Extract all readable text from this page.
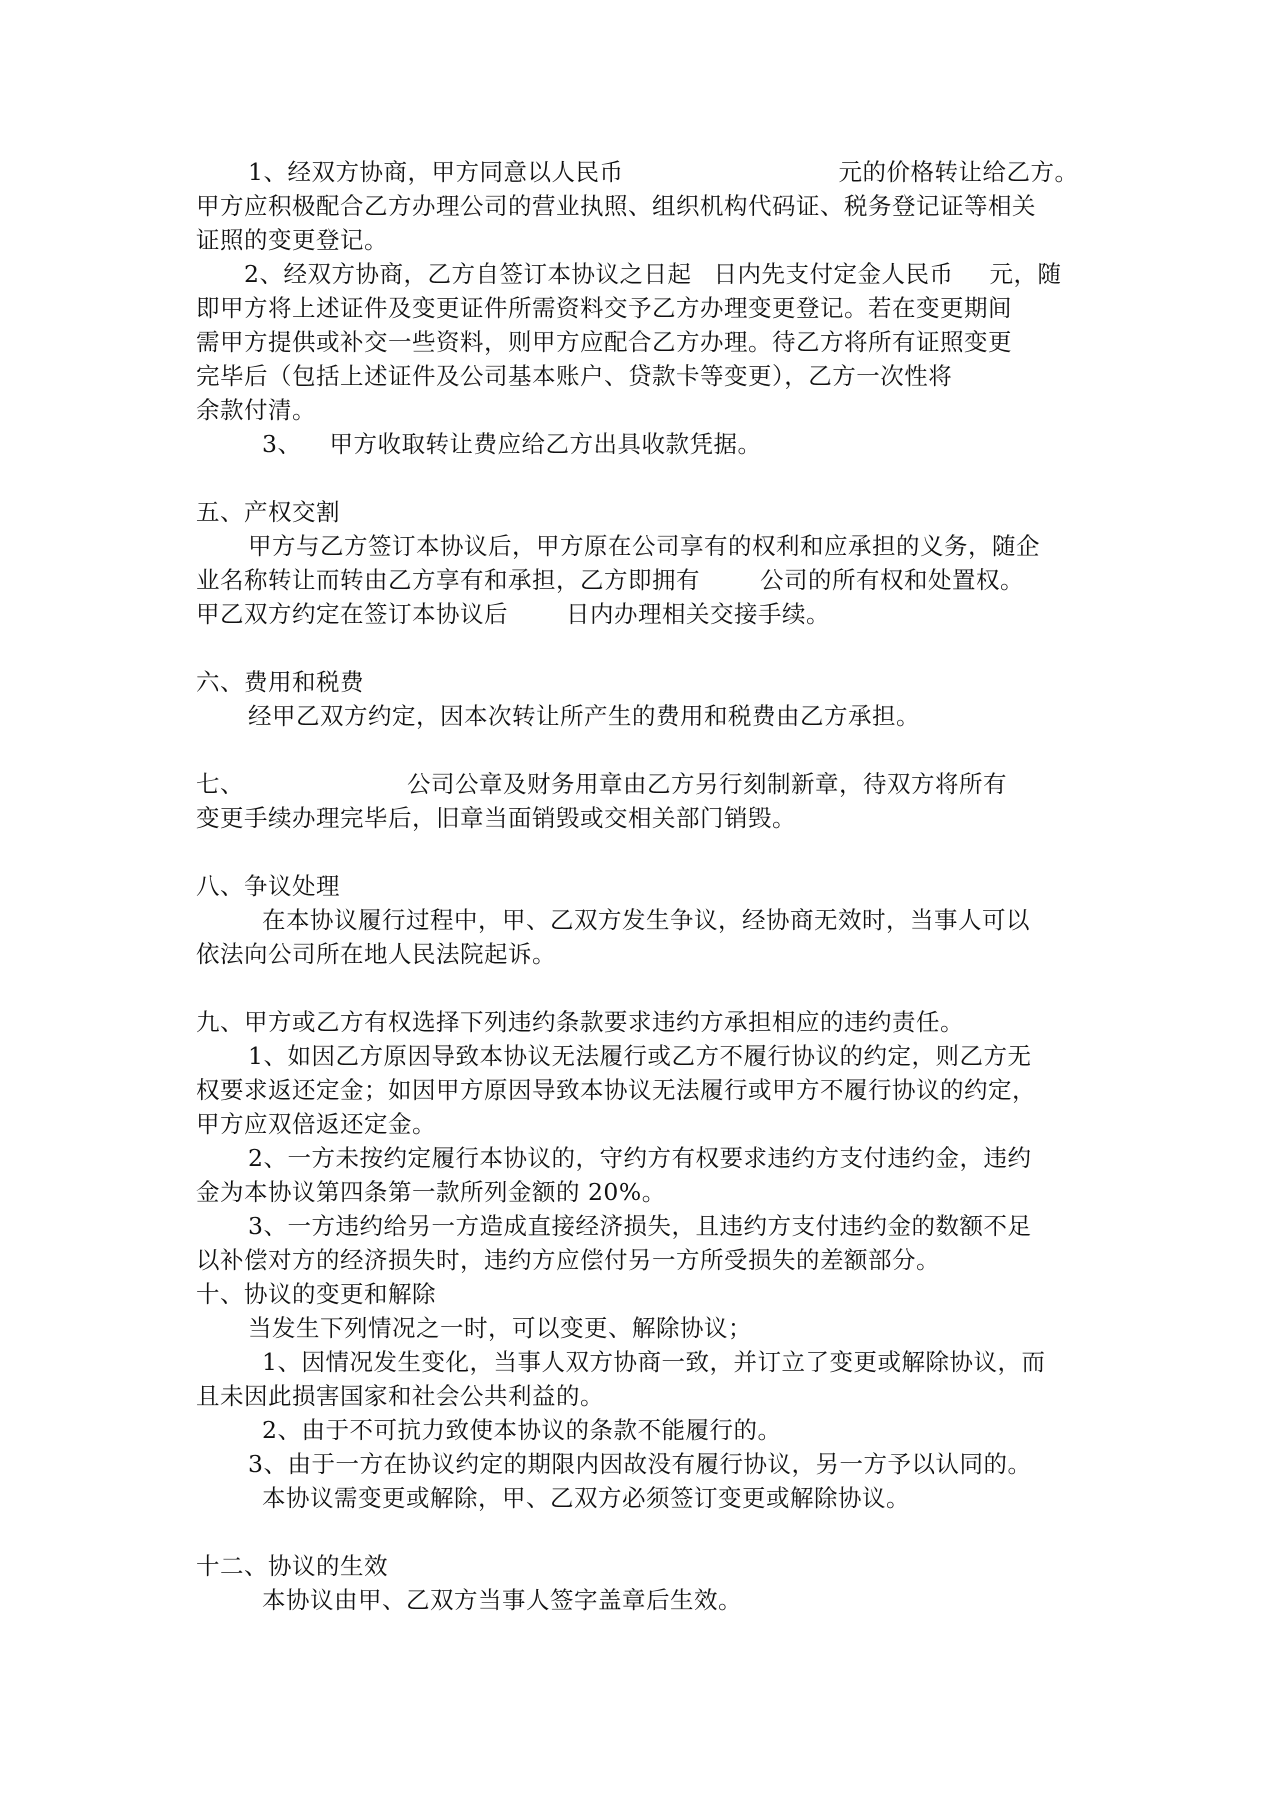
1、经双方协商，甲方同意以人民币	元的价格转让给乙方。
甲方应积极配合乙方办理公司的营业执照、组织机构代码证、税务登记证等相关
证照的变更登记。
2、经双方协商，乙方自签订本协议之日起 日内先支付定金人民币 元，随
即甲方将上述证件及变更证件所需资料交予乙方办理变更登记。若在变更期间
需甲方提供或补交一些资料，则甲方应配合乙方办理。待乙方将所有证照变更
完毕后（包括上述证件及公司基本账户、贷款卡等变更），乙方一次性将
余款付清。
3、 甲方收取转让费应给乙方出具收款凭据。
五、产权交割
甲方与乙方签订本协议后，甲方原在公司享有的权利和应承担的义务，随企
业名称转让而转由乙方享有和承担，乙方即拥有	公司的所有权和处置权。
甲乙双方约定在签订本协议后 日内办理相关交接手续。
六、费用和税费
经甲乙双方约定，因本次转让所产生的费用和税费由乙方承担。
七、	公司公章及财务用章由乙方另行刻制新章，待双方将所有
变更手续办理完毕后，旧章当面销毁或交相关部门销毁。
八、争议处理
在本协议履行过程中，甲、乙双方发生争议，经协商无效时，当事人可以
依法向公司所在地人民法院起诉。
九、甲方或乙方有权选择下列违约条款要求违约方承担相应的违约责任。
1、如因乙方原因导致本协议无法履行或乙方不履行协议的约定，则乙方无
权要求返还定金；如因甲方原因导致本协议无法履行或甲方不履行协议的约定，
甲方应双倍返还定金。
2、一方未按约定履行本协议的，守约方有权要求违约方支付违约金，违约
金为本协议第四条第一款所列金额的 20%。
3、一方违约给另一方造成直接经济损失，且违约方支付违约金的数额不足
以补偿对方的经济损失时，违约方应偿付另一方所受损失的差额部分。
十、协议的变更和解除
当发生下列情况之一时，可以变更、解除协议；
1、因情况发生变化，当事人双方协商一致，并订立了变更或解除协议，而
且未因此损害国家和社会公共利益的。
2、由于不可抗力致使本协议的条款不能履行的。
3、由于一方在协议约定的期限内因故没有履行协议，另一方予以认同的。
本协议需变更或解除，甲、乙双方必须签订变更或解除协议。
十二、协议的生效
本协议由甲、乙双方当事人签字盖章后生效。
